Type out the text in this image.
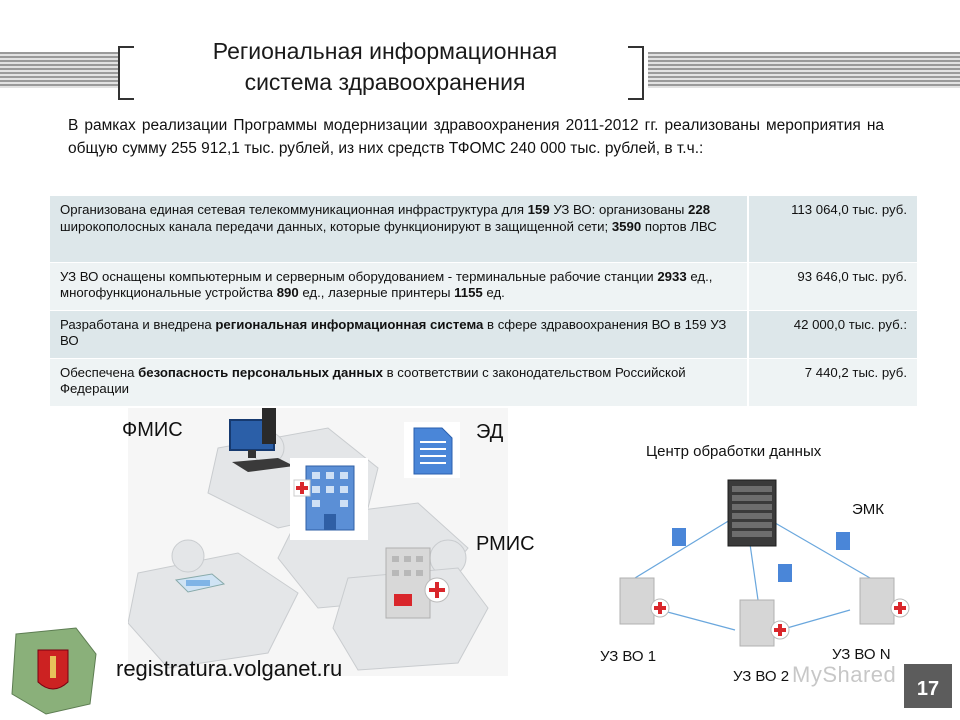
Региональная информационная
система здравоохранения
В рамках реализации Программы модернизации здравоохранения 2011-2012 гг. реализованы мероприятия на общую сумму 255 912,1 тыс. рублей, из них средств ТФОМС 240 000 тыс. рублей, в т.ч.:
Организована единая сетевая телекоммуникационная инфраструктура для 159 УЗ ВО: организованы 228 широкополосных канала передачи данных, которые функционируют в защищенной сети; 3590 портов ЛВС	113 064,0 тыс. руб.
УЗ ВО оснащены компьютерным и серверным оборудованием - терминальные рабочие станции 2933 ед., многофункциональные устройства 890 ед., лазерные принтеры 1155 ед.	93 646,0 тыс. руб.
Разработана и внедрена региональная информационная система в сфере здравоохранения ВО в 159 УЗ ВО	42 000,0 тыс. руб.:
Обеспечена безопасность персональных данных в соответствии с законодательством Российской Федерации	7 440,2 тыс. руб.
ФМИС	ЭД
РМИС
Центр обработки данных
ЭМК
УЗ ВО 1
УЗ ВО 2
УЗ ВО N
registratura.volganet.ru	MyShared
17
